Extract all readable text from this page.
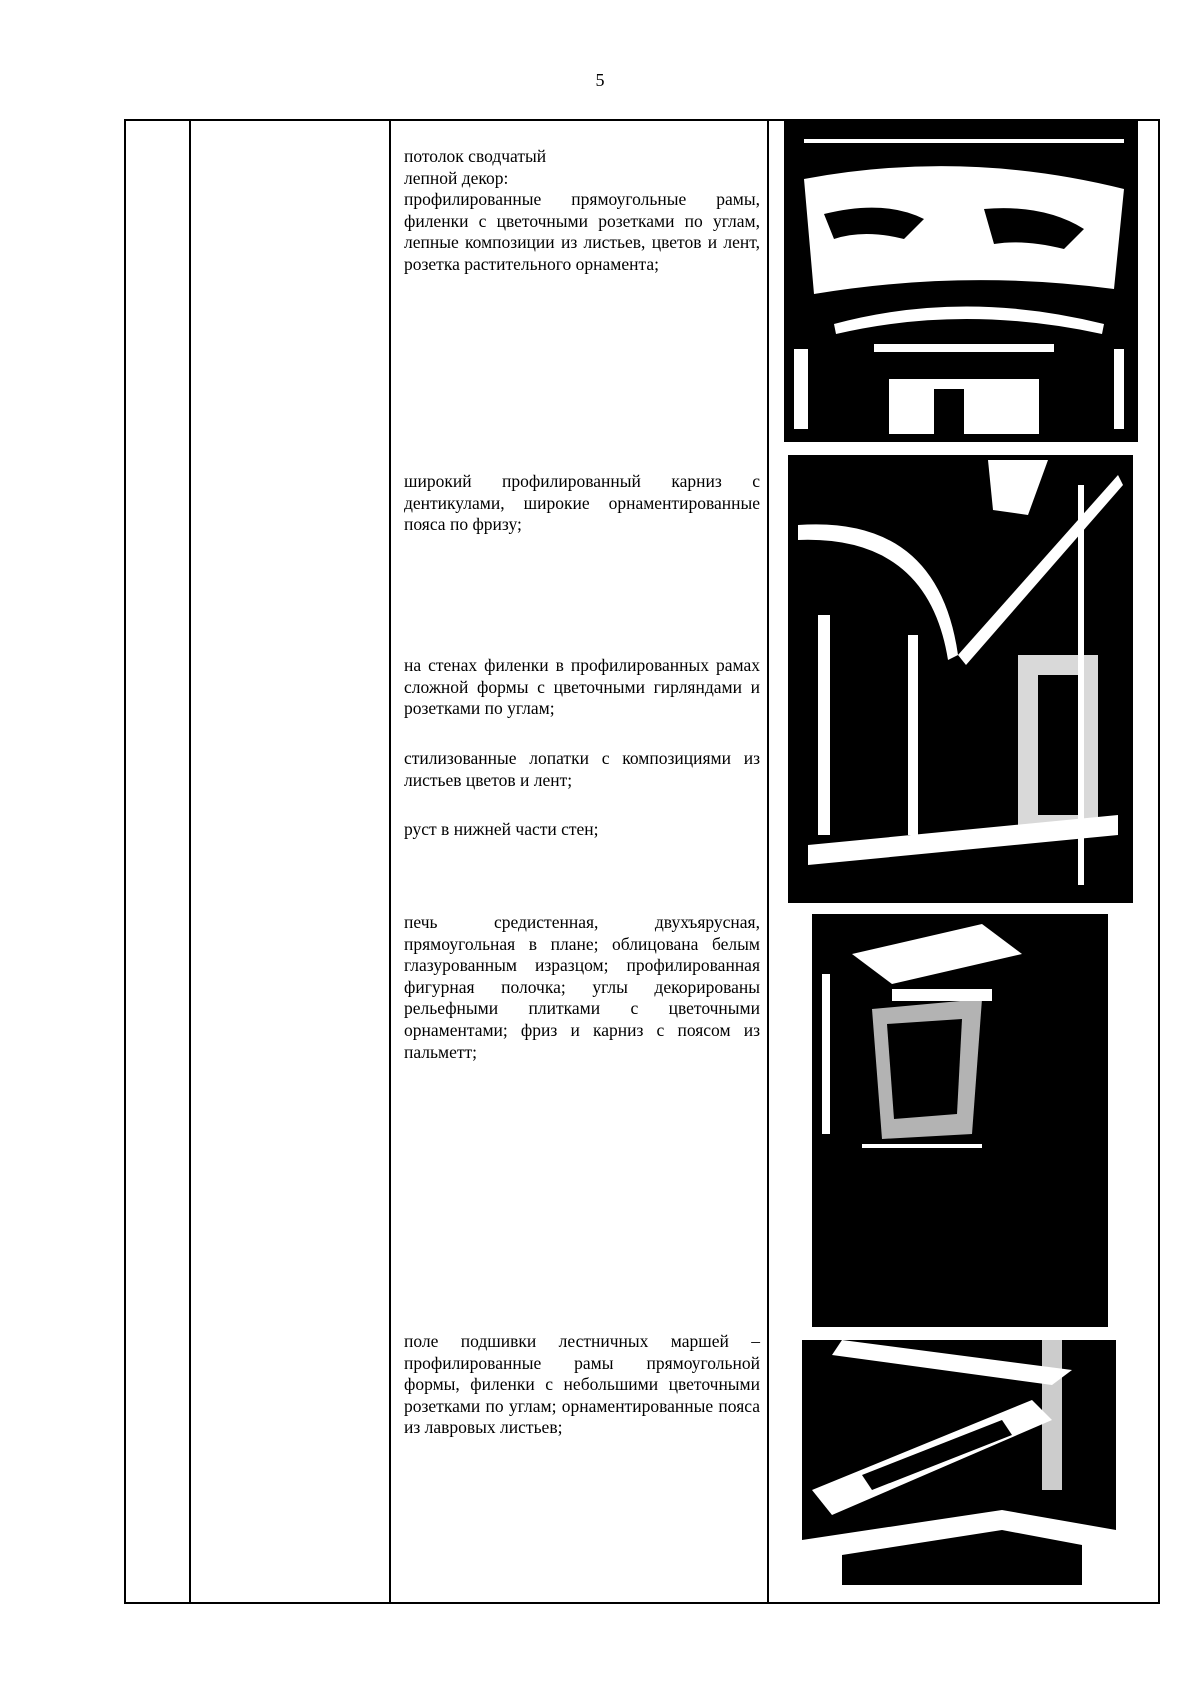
5

потолок сводчатый

лепной декор:

профилированные прямоугольные рамы, филенки с цветочными розетками по углам, лепные композиции из листьев, цветов и лент, розетка растительного орнамента;

широкий профилированный карниз с дентикулами, широкие орнаментированные пояса по фризу;

на стенах филенки в профилированных рамах сложной формы с цветочными гирляндами и розетками по углам;

стилизованные лопатки с композициями из листьев цветов и лент;

руст в нижней части стен;

печь средистенная, двухъярусная, прямоугольная в плане; облицована белым глазурованным изразцом; профилированная фигурная полочка; углы декорированы рельефными плитками с цветочными орнаментами; фриз и карниз с поясом из пальметт;

поле подшивки лестничных маршей – профилированные рамы прямоугольной формы, филенки с небольшими цветочными розетками по углам; орнаментированные пояса из лавровых листьев;
